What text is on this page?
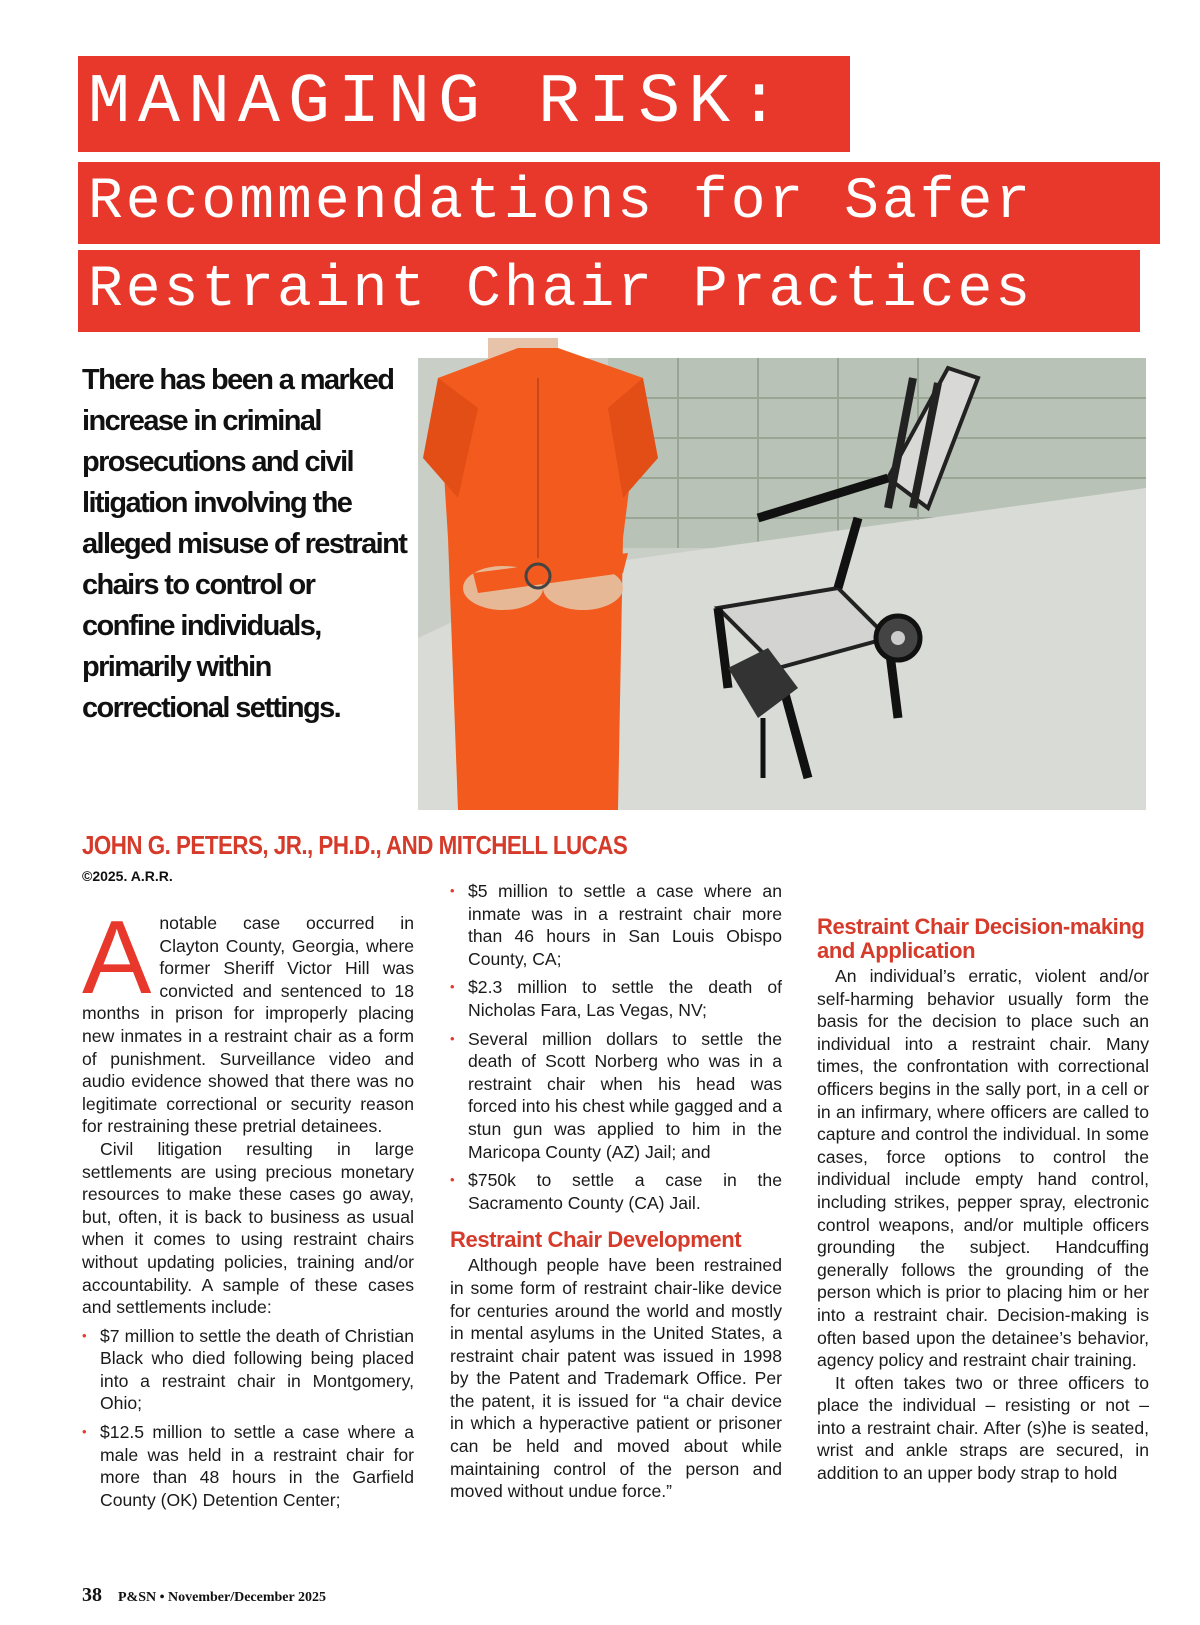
MANAGING RISK:
Recommendations for Safer
Restraint Chair Practices
There has been a marked increase in criminal prosecutions and civil litigation involving the alleged misuse of restraint chairs to control or confine individuals, primarily within correctional settings.
JOHN G. PETERS, JR., PH.D., AND MITCHELL LUCAS
©2025. A.R.R.

Anotable case occurred in Clayton County, Georgia, where former Sheriff Victor Hill was convicted and sentenced to 18 months in prison for improperly placing new inmates in a restraint chair as a form of punishment. Surveillance video and audio evidence showed that there was no legitimate correctional or security reason for restraining these pretrial detainees.

Civil litigation resulting in large settlements are using precious monetary resources to make these cases go away, but, often, it is back to business as usual when it comes to using restraint chairs without updating policies, training and/or accountability. A sample of these cases and settlements include:

• $7 million to settle the death of Christian Black who died following being placed into a restraint chair in Montgomery, Ohio;
• $12.5 million to settle a case where a male was held in a restraint chair for more than 48 hours in the Garfield County (OK) Detention Center;
• $5 million to settle a case where an inmate was in a restraint chair more than 46 hours in San Louis Obispo County, CA;
• $2.3 million to settle the death of Nicholas Fara, Las Vegas, NV;
• Several million dollars to settle the death of Scott Norberg who was in a restraint chair when his head was forced into his chest while gagged and a stun gun was applied to him in the Maricopa County (AZ) Jail; and
• $750k to settle a case in the Sacramento County (CA) Jail.
Restraint Chair Development

Although people have been restrained in some form of restraint chair-like device for centuries around the world and mostly in mental asylums in the United States, a restraint chair patent was issued in 1998 by the Patent and Trademark Office. Per the patent, it is issued for “a chair device in which a hyperactive patient or prisoner can be held and moved about while maintaining control of the person and moved without undue force.”

Restraint Chair Decision-making and Application

An individual’s erratic, violent and/or self-harming behavior usually form the basis for the decision to place such an individual into a restraint chair. Many times, the confrontation with correctional officers begins in the sally port, in a cell or in an infirmary, where officers are called to capture and control the individual. In some cases, force options to control the individual include empty hand control, including strikes, pepper spray, electronic control weapons, and/or multiple officers grounding the subject. Handcuffing generally follows the grounding of the person which is prior to placing him or her into a restraint chair. Decision-making is often based upon the detainee’s behavior, agency policy and restraint chair training.

It often takes two or three officers to place the individual – resisting or not – into a restraint chair. After (s)he is seated, wrist and ankle straps are secured, in addition to an upper body strap to hold

38 P&SN • November/December 2025
